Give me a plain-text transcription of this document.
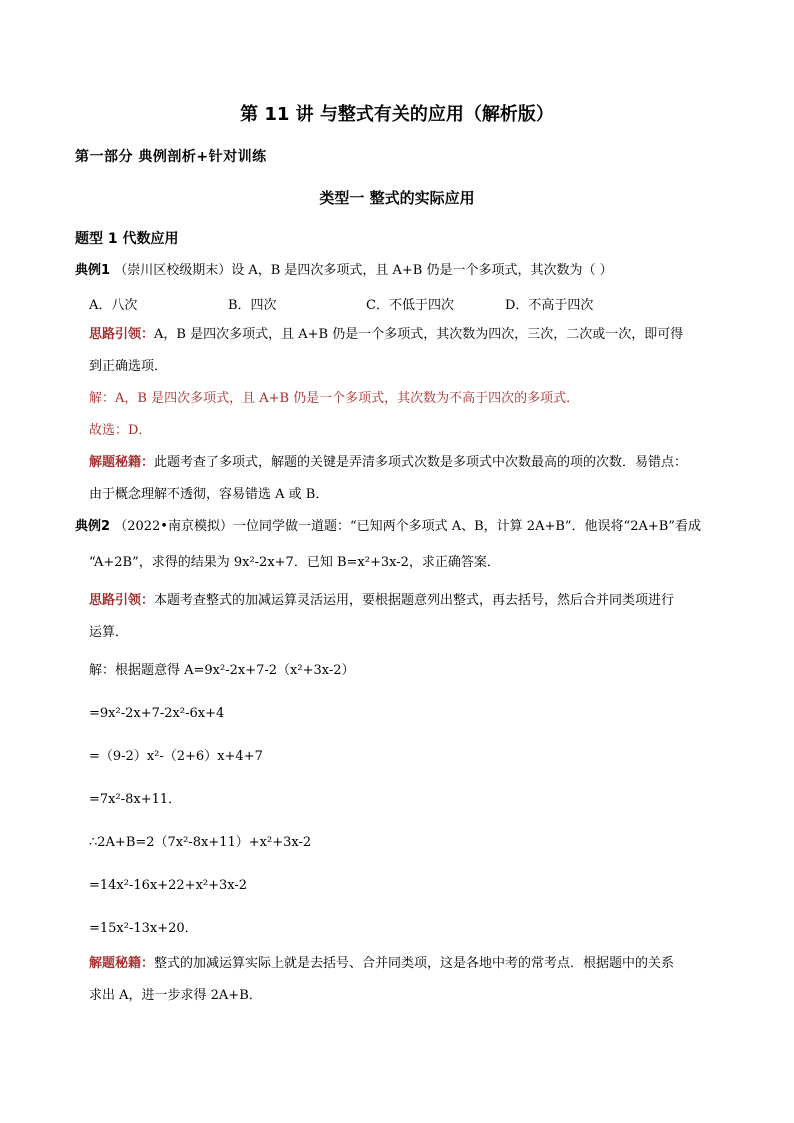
第 11 讲 与整式有关的应用（解析版）
第一部分 典例剖析+针对训练
类型一 整式的实际应用
题型 1 代数应用
典例1 （崇川区校级期末）设 A，B 是四次多项式，且 A+B 仍是一个多项式，其次数为（ ）
A．八次	B．四次	C．不低于四次	D．不高于四次
思路引领：A，B 是四次多项式，且 A+B 仍是一个多项式，其次数为四次，三次，二次或一次，即可得
到正确选项．
解：A，B 是四次多项式，且 A+B 仍是一个多项式，其次数为不高于四次的多项式．
故选：D．
解题秘籍：此题考查了多项式，解题的关键是弄清多项式次数是多项式中次数最高的项的次数．易错点：
由于概念理解不透彻，容易错选 A 或 B．
典例2 （2022•南京模拟）一位同学做一道题：“已知两个多项式 A、B，计算 2A+B”．他误将“2A+B”看成
“A+2B”，求得的结果为 9x²-2x+7．已知 B=x²+3x-2，求正确答案．
思路引领：本题考查整式的加减运算灵活运用，要根据题意列出整式，再去括号，然后合并同类项进行
运算．
解：根据题意得 A=9x²-2x+7-2（x²+3x-2）
=9x²-2x+7-2x²-6x+4
=（9-2）x²-（2+6）x+4+7
=7x²-8x+11．
∴2A+B=2（7x²-8x+11）+x²+3x-2
=14x²-16x+22+x²+3x-2
=15x²-13x+20．
解题秘籍：整式的加减运算实际上就是去括号、合并同类项，这是各地中考的常考点．根据题中的关系
求出 A，进一步求得 2A+B．
